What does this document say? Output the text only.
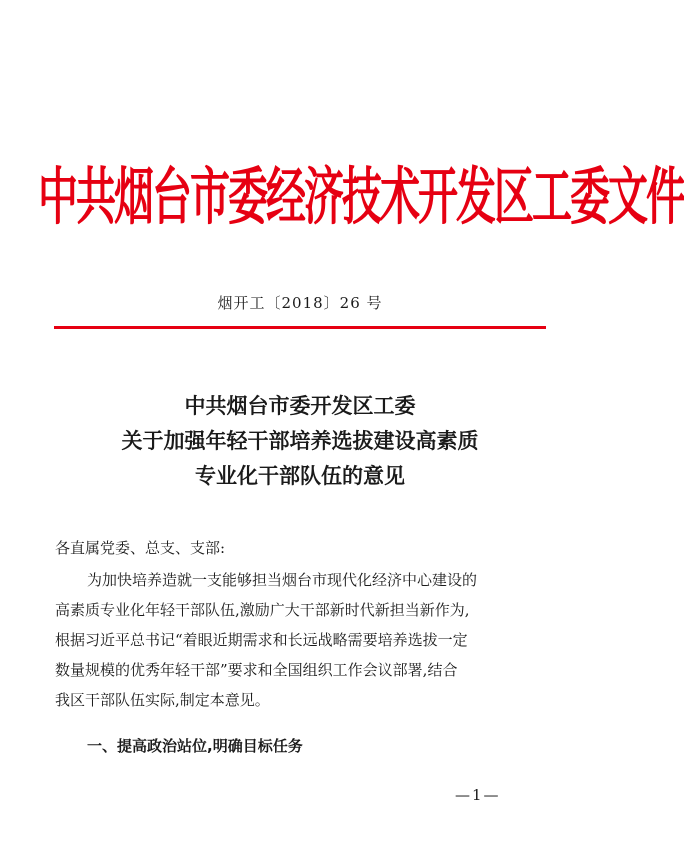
中共烟台市委经济技术开发区工委文件
烟开工〔2018〕26 号
中共烟台市委开发区工委
关于加强年轻干部培养选拔建设高素质
专业化干部队伍的意见
各直属党委、总支、支部:
为加快培养造就一支能够担当烟台市现代化经济中心建设的
高素质专业化年轻干部队伍,激励广大干部新时代新担当新作为,
根据习近平总书记“着眼近期需求和长远战略需要培养选拔一定
数量规模的优秀年轻干部”要求和全国组织工作会议部署,结合
我区干部队伍实际,制定本意见。
一、提高政治站位,明确目标任务
—1—
